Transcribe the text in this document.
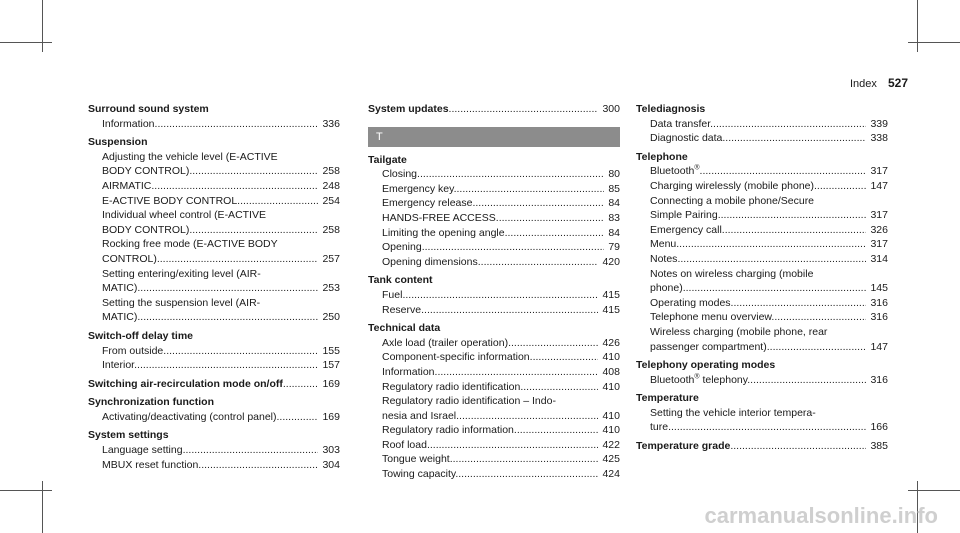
Index 527
Surround sound system
Information .....	336
Suspension
Adjusting the vehicle level (E-ACTIVE
BODY CONTROL) .....	258
AIRMATIC .....	248
E-ACTIVE BODY CONTROL .....	254
Individual wheel control (E-ACTIVE
BODY CONTROL) .....	258
Rocking free mode (E-ACTIVE BODY
CONTROL) .....	257
Setting entering/exiting level (AIR-
MATIC) .....	253
Setting the suspension level (AIR-
MATIC) .....	250
Switch-off delay time
From outside .....	155
Interior .....	157
Switching air-recirculation mode on/off .....	169
Synchronization function
Activating/deactivating (control panel) .....	169
System settings
Language setting .....	303
MBUX reset function .....	304
System updates .....	300
T
Tailgate
Closing .....	80
Emergency key .....	85
Emergency release .....	84
HANDS-FREE ACCESS .....	83
Limiting the opening angle .....	84
Opening .....	79
Opening dimensions .....	420
Tank content
Fuel .....	415
Reserve .....	415
Technical data
Axle load (trailer operation) .....	426
Component-specific information .....	410
Information .....	408
Regulatory radio identification .....	410
Regulatory radio identification – Indo-
nesia and Israel .....	410
Regulatory radio information .....	410
Roof load .....	422
Tongue weight .....	425
Towing capacity .....	424
Telediagnosis
Data transfer .....	339
Diagnostic data .....	338
Telephone
Bluetooth® .....	317
Charging wirelessly (mobile phone) .....	147
Connecting a mobile phone/Secure
Simple Pairing .....	317
Emergency call .....	326
Menu .....	317
Notes .....	314
Notes on wireless charging (mobile
phone) .....	145
Operating modes .....	316
Telephone menu overview .....	316
Wireless charging (mobile phone, rear
passenger compartment) .....	147
Telephony operating modes
Bluetooth® telephony .....	316
Temperature
Setting the vehicle interior tempera-
ture .....	166
Temperature grade .....	385
carmanualsonline.info
